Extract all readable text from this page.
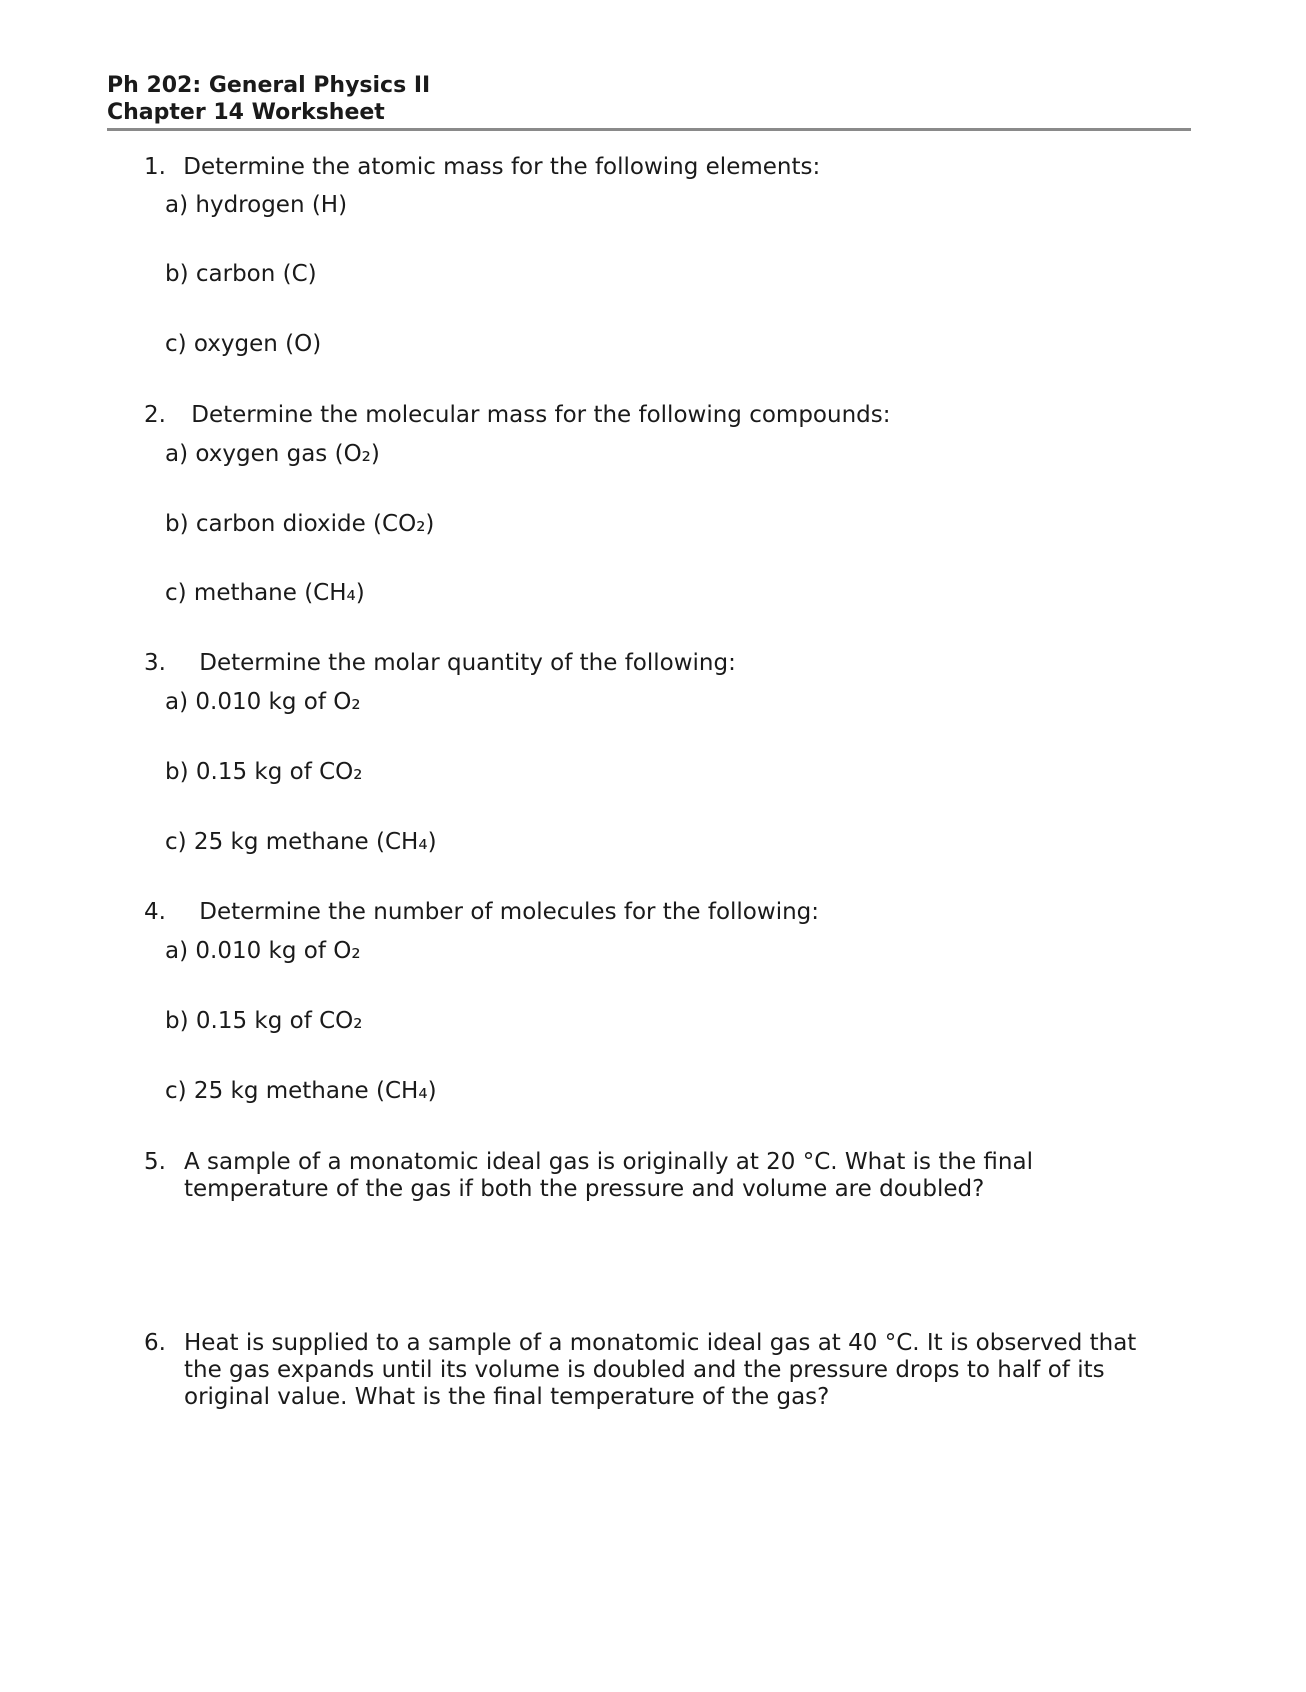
Ph 202: General Physics II

Chapter 14 Worksheet

1. Determine the atomic mass for the following elements:
a) hydrogen (H)
b) carbon (C)
c) oxygen (O)
2. Determine the molecular mass for the following compounds:
a) oxygen gas (O₂)
b) carbon dioxide (CO₂)
c) methane (CH₄)
3. Determine the molar quantity of the following:
a) 0.010 kg of O₂
b) 0.15 kg of CO₂
c) 25 kg methane (CH₄)
4. Determine the number of molecules for the following:
a) 0.010 kg of O₂
b) 0.15 kg of CO₂
c) 25 kg methane (CH₄)
5. A sample of a monatomic ideal gas is originally at 20 °C. What is the final temperature of the gas if both the pressure and volume are doubled?
6. Heat is supplied to a sample of a monatomic ideal gas at 40 °C. It is observed that the gas expands until its volume is doubled and the pressure drops to half of its original value. What is the final temperature of the gas?
